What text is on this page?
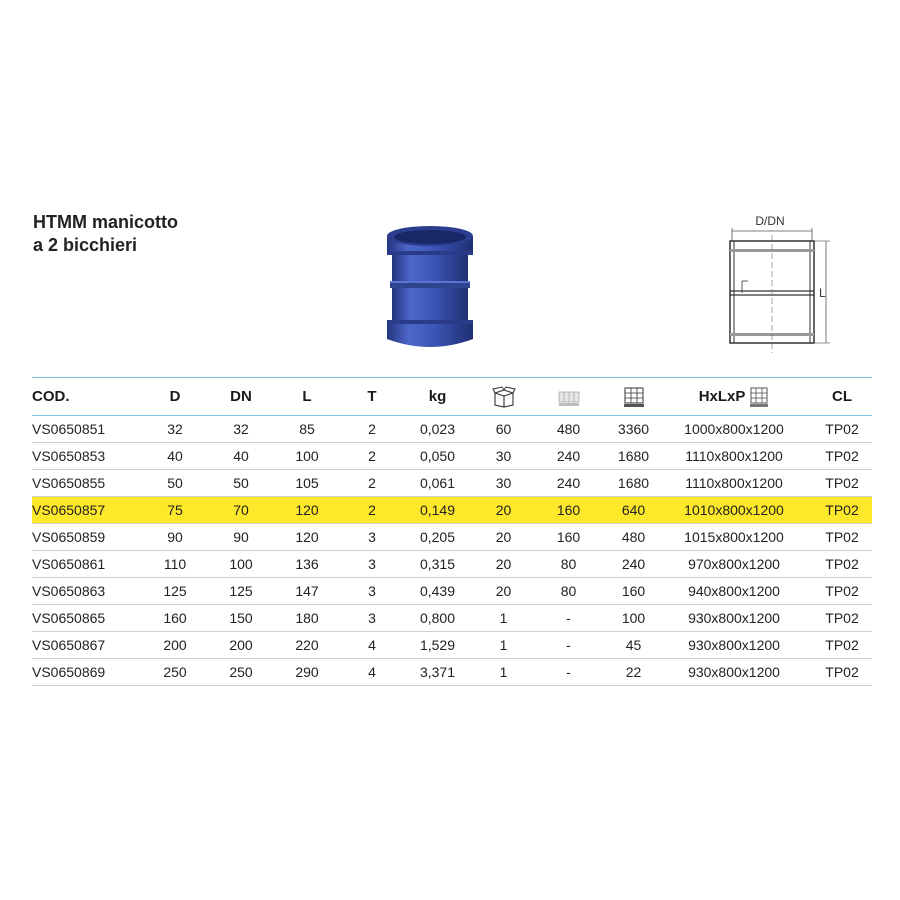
HTMM manicotto
a 2 bicchieri
D/DN
L
COD.	D	DN	L	T	kg				HxLxP	CL
VS0650851	32	32	85	2	0,023	60	480	3360	1000x800x1200	TP02
VS0650853	40	40	100	2	0,050	30	240	1680	1110x800x1200	TP02
VS0650855	50	50	105	2	0,061	30	240	1680	1110x800x1200	TP02
VS0650857	75	70	120	2	0,149	20	160	640	1010x800x1200	TP02
VS0650859	90	90	120	3	0,205	20	160	480	1015x800x1200	TP02
VS0650861	110	100	136	3	0,315	20	80	240	970x800x1200	TP02
VS0650863	125	125	147	3	0,439	20	80	160	940x800x1200	TP02
VS0650865	160	150	180	3	0,800	1	-	100	930x800x1200	TP02
VS0650867	200	200	220	4	1,529	1	-	45	930x800x1200	TP02
VS0650869	250	250	290	4	3,371	1	-	22	930x800x1200	TP02
